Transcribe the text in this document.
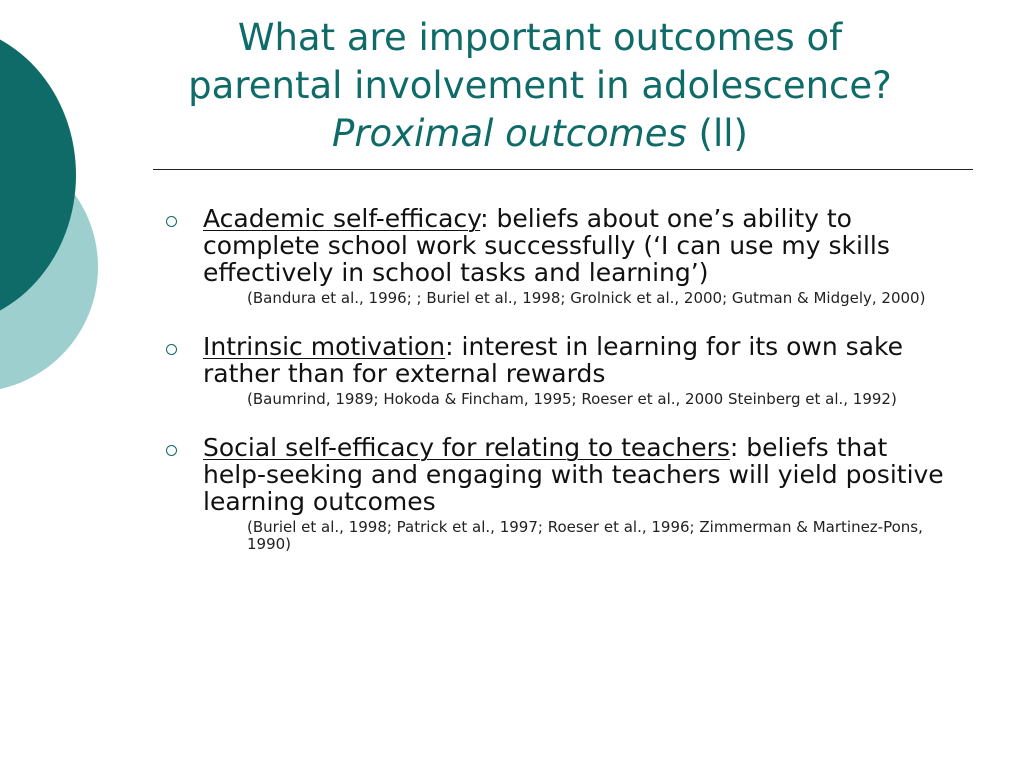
What are important outcomes of
parental involvement in adolescence?
Proximal outcomes (ll)
Academic self-efficacy: beliefs about one’s ability to complete school work successfully (‘I can use my skills effectively in school tasks and learning’)
(Bandura et al., 1996; ; Buriel et al., 1998; Grolnick et al., 2000; Gutman & Midgely, 2000)
Intrinsic motivation: interest in learning for its own sake rather than for external rewards
(Baumrind, 1989; Hokoda & Fincham, 1995; Roeser et al., 2000 Steinberg et al., 1992)
Social self-efficacy for relating to teachers: beliefs that help-seeking and engaging with teachers will yield positive learning outcomes
(Buriel et al., 1998; Patrick et al., 1997; Roeser et al., 1996; Zimmerman & Martinez-Pons, 1990)
